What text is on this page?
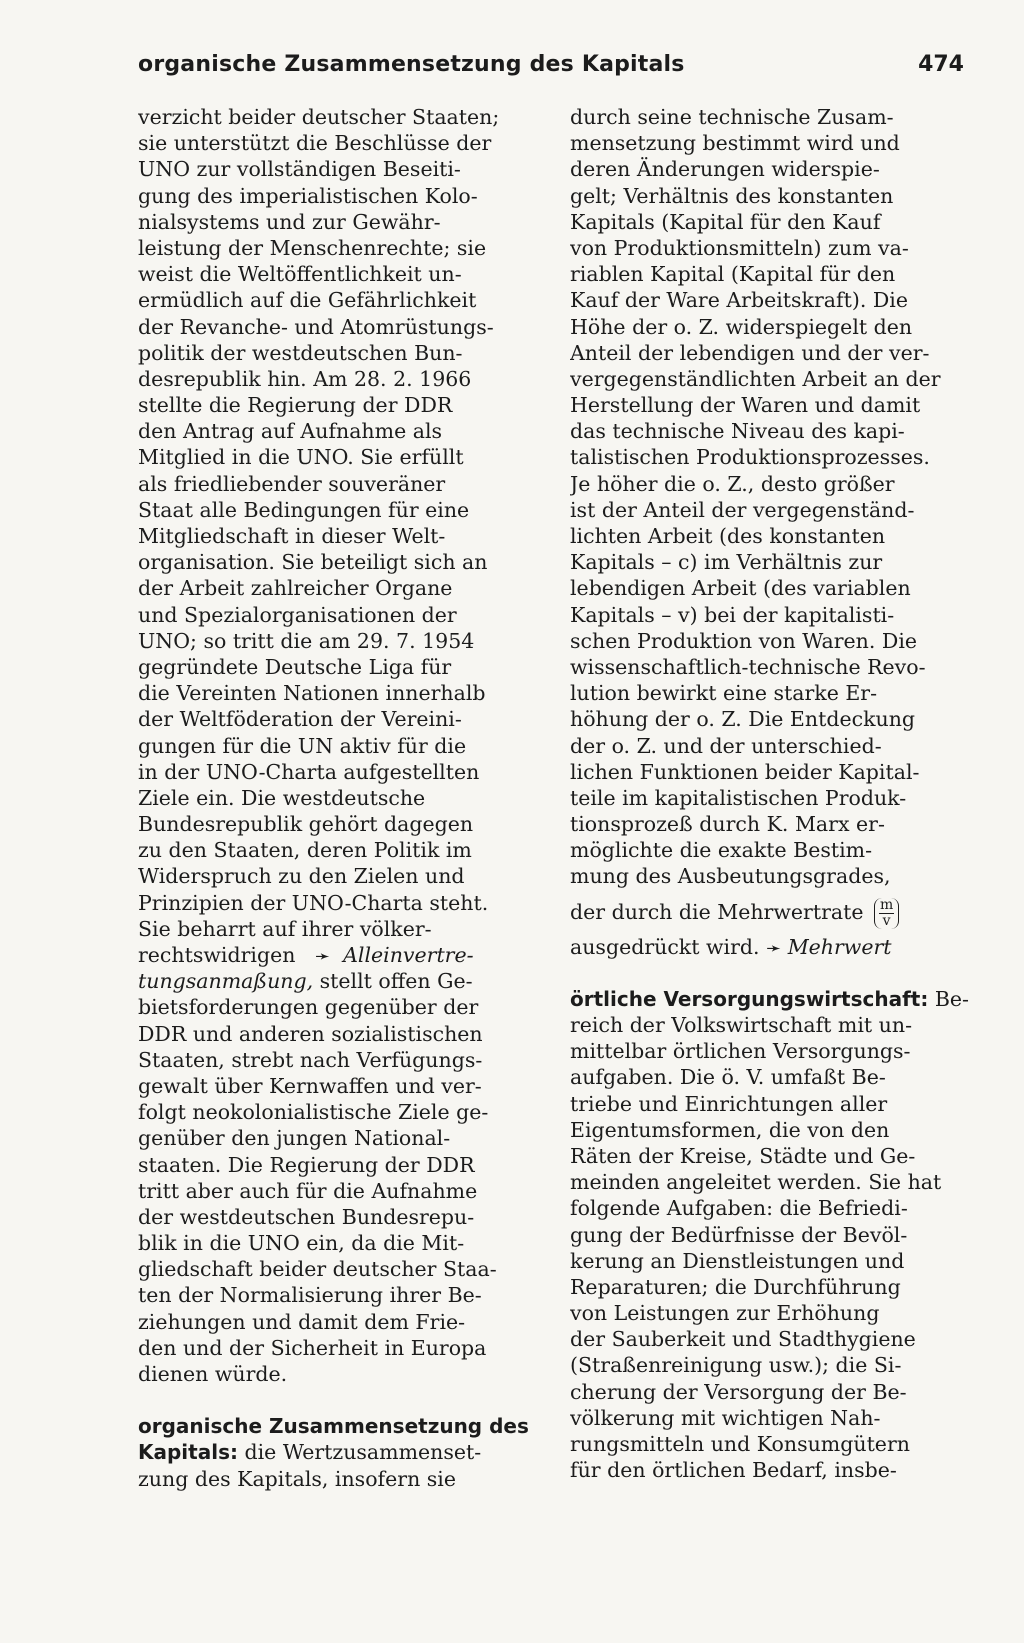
organische Zusammensetzung des Kapitals	474
verzicht beider deutscher Staaten;
sie unterstützt die Beschlüsse der
UNO zur vollständigen Beseiti-
gung des imperialistischen Kolo-
nialsystems und zur Gewähr-
leistung der Menschenrechte; sie
weist die Weltöffentlichkeit un-
ermüdlich auf die Gefährlichkeit
der Revanche- und Atomrüstungs-
politik der westdeutschen Bun-
desrepublik hin. Am 28. 2. 1966
stellte die Regierung der DDR
den Antrag auf Aufnahme als
Mitglied in die UNO. Sie erfüllt
als friedliebender souveräner
Staat alle Bedingungen für eine
Mitgliedschaft in dieser Welt-
organisation. Sie beteiligt sich an
der Arbeit zahlreicher Organe
und Spezialorganisationen der
UNO; so tritt die am 29. 7. 1954
gegründete Deutsche Liga für
die Vereinten Nationen innerhalb
der Weltföderation der Vereini-
gungen für die UN aktiv für die
in der UNO-Charta aufgestellten
Ziele ein. Die westdeutsche
Bundesrepublik gehört dagegen
zu den Staaten, deren Politik im
Widerspruch zu den Zielen und
Prinzipien der UNO-Charta steht.
Sie beharrt auf ihrer völker-
rechtswidrigen ➛ Alleinvertre-
tungsanmaßung, stellt offen Ge-
bietsforderungen gegenüber der
DDR und anderen sozialistischen
Staaten, strebt nach Verfügungs-
gewalt über Kernwaffen und ver-
folgt neokolonialistische Ziele ge-
genüber den jungen National-
staaten. Die Regierung der DDR
tritt aber auch für die Aufnahme
der westdeutschen Bundesrepu-
blik in die UNO ein, da die Mit-
gliedschaft beider deutscher Staa-
ten der Normalisierung ihrer Be-
ziehungen und damit dem Frie-
den und der Sicherheit in Europa
dienen würde.
organische Zusammensetzung des
Kapitals: die Wertzusammenset-
zung des Kapitals, insofern sie
durch seine technische Zusam-
mensetzung bestimmt wird und
deren Änderungen widerspie-
gelt; Verhältnis des konstanten
Kapitals (Kapital für den Kauf
von Produktionsmitteln) zum va-
riablen Kapital (Kapital für den
Kauf der Ware Arbeitskraft). Die
Höhe der o. Z. widerspiegelt den
Anteil der lebendigen und der ver-
vergegenständlichten Arbeit an der
Herstellung der Waren und damit
das technische Niveau des kapi-
talistischen Produktionsprozesses.
Je höher die o. Z., desto größer
ist der Anteil der vergegenständ-
lichten Arbeit (des konstanten
Kapitals – c) im Verhältnis zur
lebendigen Arbeit (des variablen
Kapitals – v) bei der kapitalisti-
schen Produktion von Waren. Die
wissenschaftlich-technische Revo-
lution bewirkt eine starke Er-
höhung der o. Z. Die Entdeckung
der o. Z. und der unterschied-
lichen Funktionen beider Kapital-
teile im kapitalistischen Produk-
tionsprozeß durch K. Marx er-
möglichte die exakte Bestim-
mung des Ausbeutungsgrades,
der durch die Mehrwertrate $\frac{m}{v}$
ausgedrückt wird. ➛ Mehrwert
örtliche Versorgungswirtschaft: Be-
reich der Volkswirtschaft mit un-
mittelbar örtlichen Versorgungs-
aufgaben. Die ö. V. umfaßt Be-
triebe und Einrichtungen aller
Eigentumsformen, die von den
Räten der Kreise, Städte und Ge-
meinden angeleitet werden. Sie hat
folgende Aufgaben: die Befriedi-
gung der Bedürfnisse der Bevöl-
kerung an Dienstleistungen und
Reparaturen; die Durchführung
von Leistungen zur Erhöhung
der Sauberkeit und Stadthygiene
(Straßenreinigung usw.); die Si-
cherung der Versorgung der Be-
völkerung mit wichtigen Nah-
rungsmitteln und Konsumgütern
für den örtlichen Bedarf, insbe-
